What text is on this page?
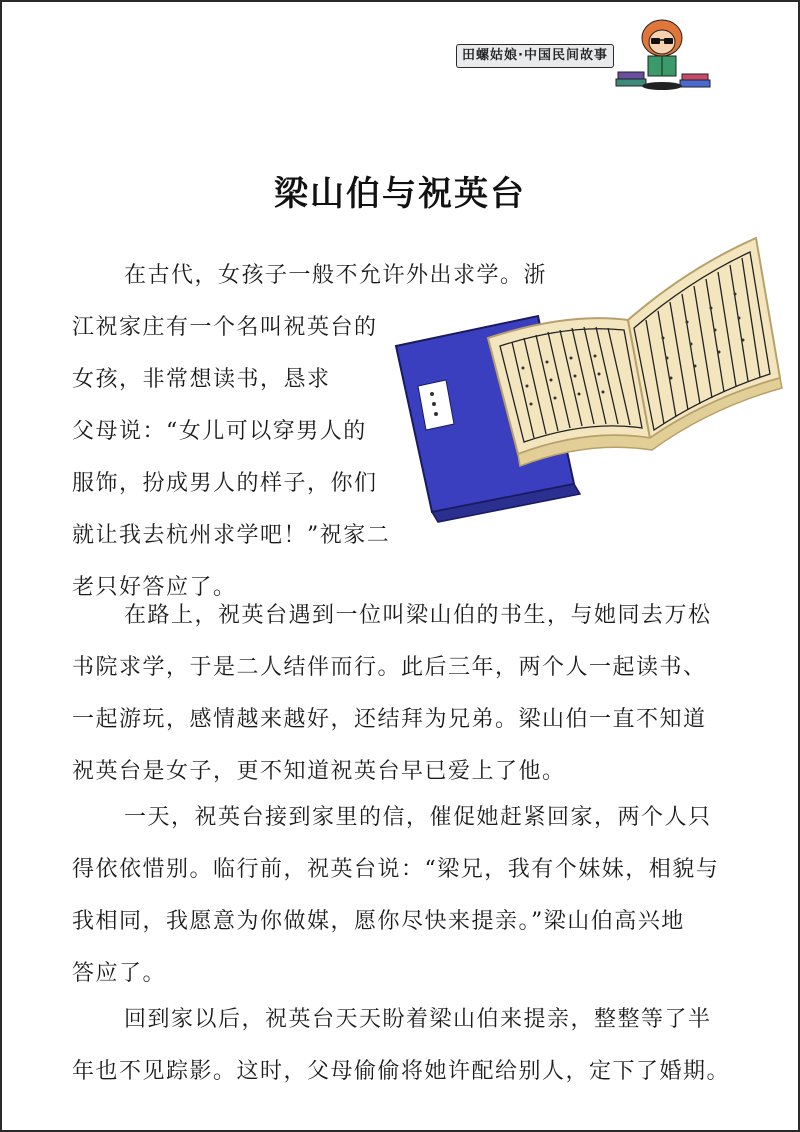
田螺姑娘·中国民间故事
梁山伯与祝英台
在古代，女孩子一般不允许外出求学。浙
江祝家庄有一个名叫祝英台的
女孩，非常想读书，恳求
父母说：“女儿可以穿男人的
服饰，扮成男人的样子，你们
就让我去杭州求学吧！”祝家二
老只好答应了。
在路上，祝英台遇到一位叫梁山伯的书生，与她同去万松
书院求学，于是二人结伴而行。此后三年，两个人一起读书、
一起游玩，感情越来越好，还结拜为兄弟。梁山伯一直不知道
祝英台是女子，更不知道祝英台早已爱上了他。
一天，祝英台接到家里的信，催促她赶紧回家，两个人只
得依依惜别。临行前，祝英台说：“梁兄，我有个妹妹，相貌与
我相同，我愿意为你做媒，愿你尽快来提亲。”梁山伯高兴地
答应了。
回到家以后，祝英台天天盼着梁山伯来提亲，整整等了半
年也不见踪影。这时，父母偷偷将她许配给别人，定下了婚期。
